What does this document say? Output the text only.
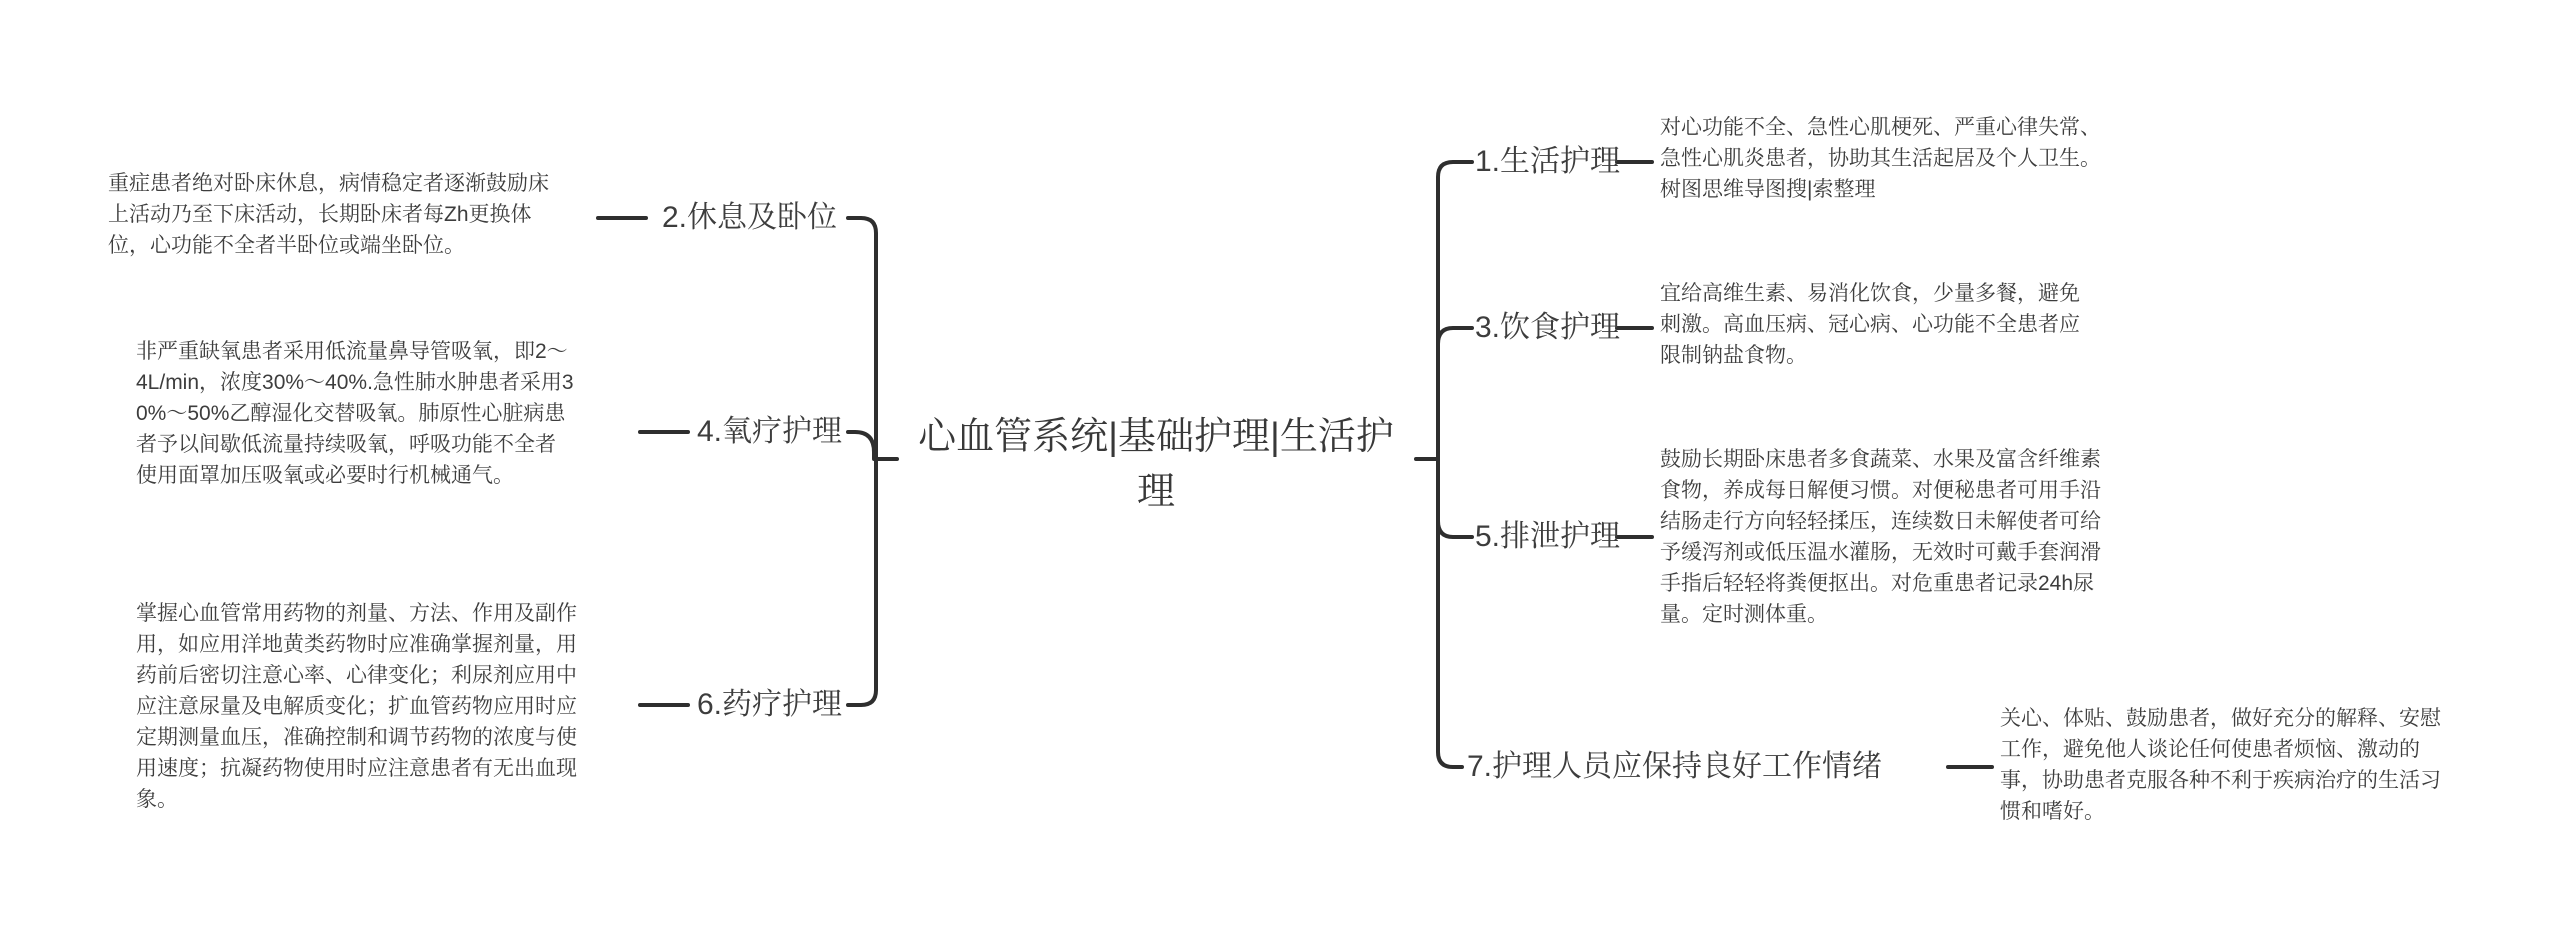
心血管系统|基础护理|生活护理
重症患者绝对卧床休息，病情稳定者逐渐鼓励床上活动乃至下床活动，长期卧床者每Zh更换体位，心功能不全者半卧位或端坐卧位。
非严重缺氧患者采用低流量鼻导管吸氧，即2～4L/min，浓度30%～40%.急性肺水肿患者采用30%～50%乙醇湿化交替吸氧。肺原性心脏病患者予以间歇低流量持续吸氧，呼吸功能不全者使用面罩加压吸氧或必要时行机械通气。
掌握心血管常用药物的剂量、方法、作用及副作用，如应用洋地黄类药物时应准确掌握剂量，用药前后密切注意心率、心律变化；利尿剂应用中应注意尿量及电解质变化；扩血管药物应用时应定期测量血压，准确控制和调节药物的浓度与使用速度；抗凝药物使用时应注意患者有无出血现象。
2.休息及卧位
4.氧疗护理
6.药疗护理
1.生活护理
3.饮食护理
5.排泄护理
7.护理人员应保持良好工作情绪
对心功能不全、急性心肌梗死、严重心律失常、急性心肌炎患者，协助其生活起居及个人卫生。树图思维导图搜|索整理
宜给高维生素、易消化饮食，少量多餐，避免刺激。高血压病、冠心病、心功能不全患者应限制钠盐食物。
鼓励长期卧床患者多食蔬菜、水果及富含纤维素食物，养成每日解便习惯。对便秘患者可用手沿结肠走行方向轻轻揉压，连续数日未解使者可给予缓泻剂或低压温水灌肠，无效时可戴手套润滑手指后轻轻将粪便抠出。对危重患者记录24h尿量。定时测体重。
关心、体贴、鼓励患者，做好充分的解释、安慰工作，避免他人谈论任何使患者烦恼、激动的事，协助患者克服各种不利于疾病治疗的生活习惯和嗜好。
